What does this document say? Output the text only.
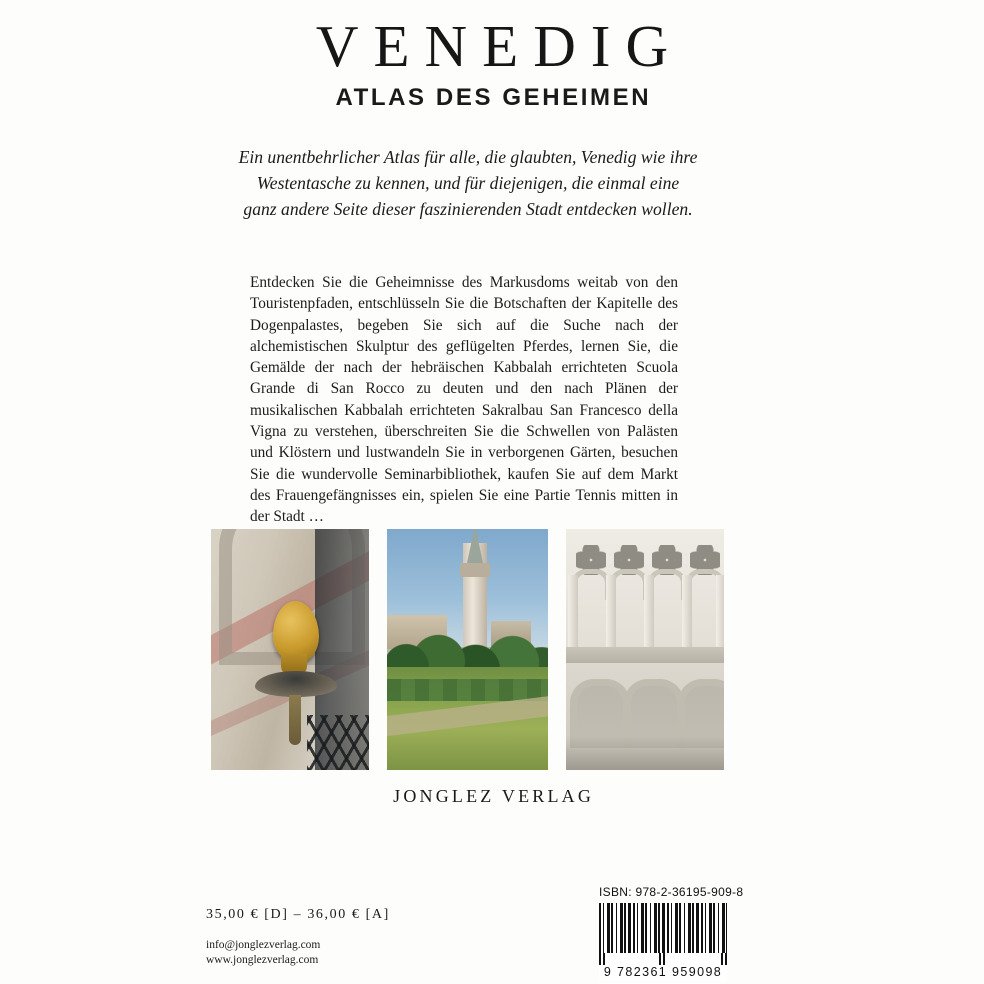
VENEDIG
ATLAS DES GEHEIMEN
Ein unentbehrlicher Atlas für alle, die glaubten, Venedig wie ihre Westentasche zu kennen, und für diejenigen, die einmal eine ganz andere Seite dieser faszinierenden Stadt entdecken wollen.
Entdecken Sie die Geheimnisse des Markusdoms weitab von den Touristenpfaden, entschlüsseln Sie die Botschaften der Kapitelle des Dogenpalastes, begeben Sie sich auf die Suche nach der alchemistischen Skulptur des geflügelten Pferdes, lernen Sie, die Gemälde der nach der hebräischen Kabbalah errichteten Scuola Grande di San Rocco zu deuten und den nach Plänen der musikalischen Kabbalah errichteten Sakralbau San Francesco della Vigna zu verstehen, überschreiten Sie die Schwellen von Palästen und Klöstern und lustwandeln Sie in verborgenen Gärten, besuchen Sie die wundervolle Seminarbibliothek, kaufen Sie auf dem Markt des Frauengefängnisses ein, spielen Sie eine Partie Tennis mitten in der Stadt …
JONGLEZ VERLAG
35,00 € [D] – 36,00 € [A]
info@jonglezverlag.com
www.jonglezverlag.com
ISBN: 978-2-36195-909-8
9 782361 959098
